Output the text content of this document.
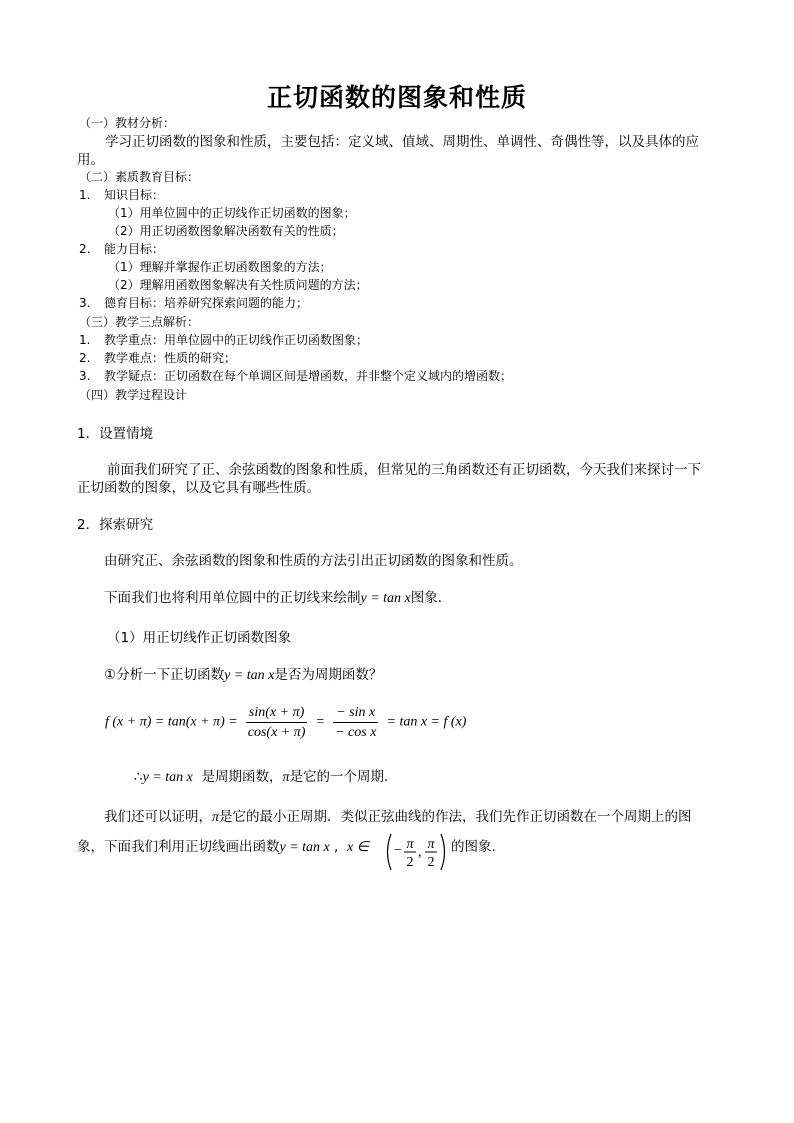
正切函数的图象和性质
（一）教材分析：
学习正切函数的图象和性质，主要包括：定义域、值域、周期性、单调性、奇偶性等，以及具体的应
用。
（二）素质教育目标：
1. 知识目标：
（1）用单位圆中的正切线作正切函数的图象；
（2）用正切函数图象解决函数有关的性质；
2. 能力目标：
（1）理解并掌握作正切函数图象的方法；
（2）理解用函数图象解决有关性质问题的方法；
3. 德育目标：培养研究探索问题的能力；
（三）教学三点解析：
1. 教学重点：用单位圆中的正切线作正切函数图象；
2. 教学难点：性质的研究；
3. 教学疑点：正切函数在每个单调区间是增函数，并非整个定义域内的增函数；
（四）教学过程设计
1．设置情境
前面我们研究了正、余弦函数的图象和性质，但常见的三角函数还有正切函数，今天我们来探讨一下
正切函数的图象，以及它具有哪些性质。
2．探索研究
由研究正、余弦函数的图象和性质的方法引出正切函数的图象和性质。
下面我们也将利用单位圆中的正切线来绘制y = tan x图象．
（1）用正切线作正切函数图象
①分析一下正切函数y = tan x是否为周期函数？
f $(x + \pi) = \tan(x + \pi) = \frac{\sin(x + \pi)}{\cos(x + \pi)} = \frac{\text{− sin x}}{\text{− cos x}} = \tan x = f$ (x)
∴y = tan x 是周期函数，π是它的一个周期．
我们还可以证明，π是它的最小正周期．类似正弦曲线的作法，我们先作正切函数在一个周期上的图
象，下面我们利用正切线画出函数y = tan x ,  x ∈ − π
2
,
π
2
的图象．
